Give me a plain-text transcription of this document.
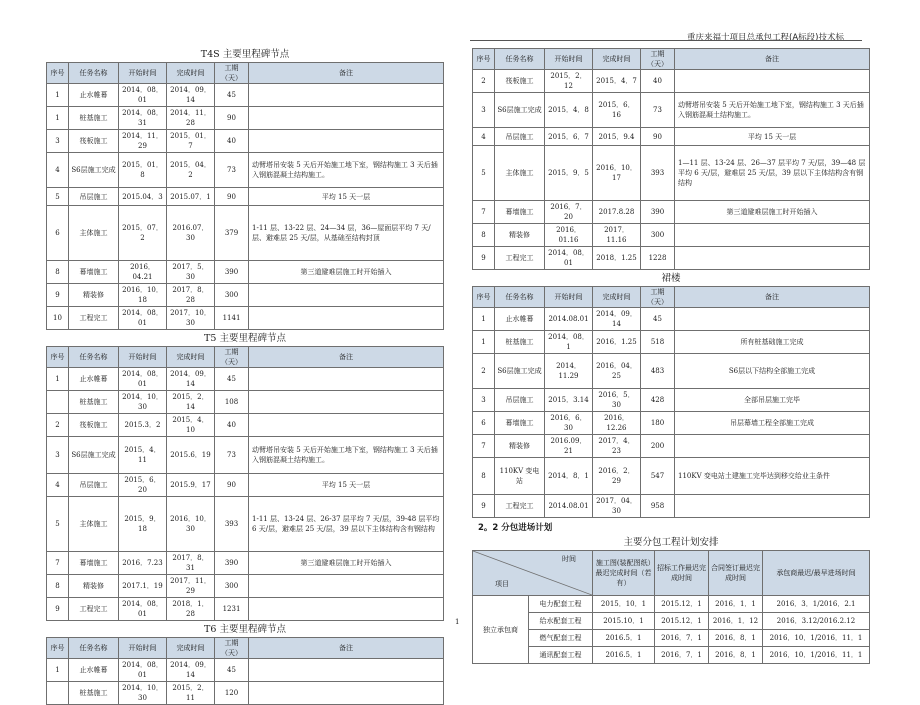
重庆来福士项目总承包工程(A标段)技术标
T4S 主要里程碑节点
序号	任务名称	开始时间	完成时间	工期（天）	备注
1	止水帷幕	2014．08．01	2014．09．14	45	
1	桩基施工	2014．08．31	2014．11．28	90	
3	筏板施工	2014．11．29	2015．01．7	40	
4	S6层施工完成	2015．01．8	2015．04．2	73	动臂塔吊安装 5 天后开始施工地下室，钢结构施工 3 天后插入钢筋混凝土结构施工。
5	吊层施工	2015.04．3	2015.07．1	90	平均 15 天一层
6	主体施工	2015．07．2	2016.07．30	379	1-11 层、13-22 层、24—34 层，36—屋面层平均 7 天/层、避难层 25 天/层，从基础至结构封顶
8	幕墙施工	2016．04.21	2017．5．30	390	第三道避难层施工时开始插入
9	精装修	2016．10．18	2017．8．28	300	
10	工程完工	2014．08．01	2017．10．30	1141	
T5 主要里程碑节点
序号	任务名称	开始时间	完成时间	工期（天）	备注
1	止水帷幕	2014．08．01	2014．09．14	45	
	桩基施工	2014．10．30	2015．2．14	108	
2	筏板施工	2015.3．2	2015．4．10	40	
3	S6层施工完成	2015．4．11	2015.6．19	73	动臂塔吊安装 5 天后开始施工地下室，钢结构施工 3 天后插入钢筋混凝土结构施工。
4	吊层施工	2015．6．20	2015.9．17	90	平均 15 天一层
5	主体施工	2015．9．18	2016．10．30	393	1-11 层、13-24 层、26-37 层平均 7 天/层，39-48 层平均 6 天/层，避难层 25 天/层，39 层以下主体结构含有钢结构
7	幕墙施工	2016．7.23	2017．8．31	390	第三道避难层施工时开始插入
8	精装修	2017.1．19	2017．11．29	300	
9	工程完工	2014．08．01	2018．1．28	1231	
T6 主要里程碑节点
序号	任务名称	开始时间	完成时间	工期（天）	备注
1	止水帷幕	2014．08．01	2014．09．14	45	
	桩基施工	2014．10．30	2015．2．11	120	
序号	任务名称	开始时间	完成时间	工期（天）	备注
2	筏板施工	2015．2．12	2015．4．7	40	
3	S6层施工完成	2015．4．8	2015．6．16	73	动臂塔吊安装 5 天后开始施工地下室，钢结构施工 3 天后插入钢筋混凝土结构施工。
4	吊层施工	2015．6．7	2015．9.4	90	平均 15 天一层
5	主体施工	2015．9．5	2016．10．17	393	1—11 层、13-24 层、26—37 层平均 7 天/层，39—48 层平均 6 天/层，避难层 25 天/层，39 层以下主体结构含有钢结构
7	幕墙施工	2016．7．20	2017.8.28	390	第三道避难层施工时开始插入
8	精装修	2016．01.16	2017．11.16	300	
9	工程完工	2014．08．01	2018．1.25	1228	
裙楼
序号	任务名称	开始时间	完成时间	工期（天）	备注
1	止水帷幕	2014.08.01	2014．09．14	45	
1	桩基施工	2014．08．1	2016．1.25	518	所有桩基础施工完成
2	S6层施工完成	2014．11.29	2016．04．25	483	S6层以下结构全部施工完成
3	吊层施工	2015．3.14	2016．5．30	428	全部吊层施工完毕
6	幕墙施工	2016．6．30	2016．12.26	180	吊层幕墙工程全部施工完成
7	精装修	2016.09．21	2017．4．23	200	
8	110KV 变电站	2014．8．1	2016．2．29	547	110KV 变电站土建施工完毕达到移交给业主条件
9	工程完工	2014.08.01	2017．04．30	958	
2。2 分包进场计划
主要分包工程计划安排
时间
项目		施工图(装配图纸）最迟完成时间（若有）	招标工作最迟完成时间	合同签订最迟完成时间	承包商最迟/最早进场时间
独立承包商	电力配套工程	2015．10．1	2015.12．1	2016．1．1	2016．3．1/2016．2.1
	给水配套工程	2015.10．1	2015.12．1	2016．1．12	2016．3.12/2016.2.12
	燃气配套工程	2016.5．1	2016．7．1	2016．8．1	2016．10．1/2016．11．1
	通讯配套工程	2016.5．1	2016．7．1	2016．8．1	2016．10．1/2016．11．1
1
